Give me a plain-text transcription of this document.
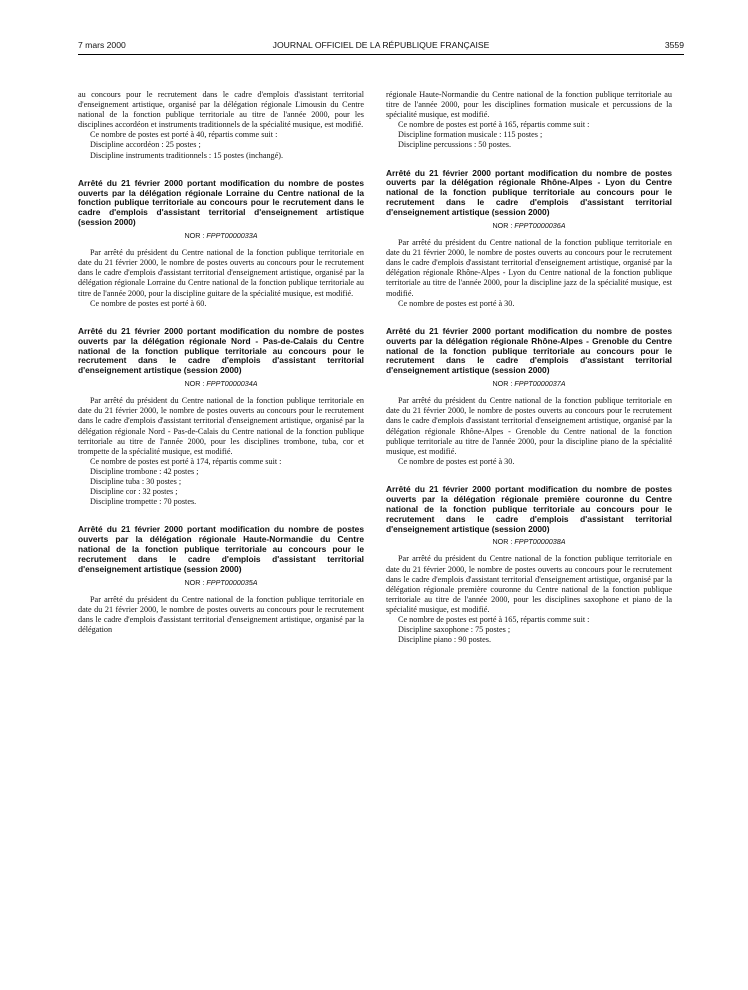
7 mars 2000	JOURNAL OFFICIEL DE LA RÉPUBLIQUE FRANÇAISE	3559

au concours pour le recrutement dans le cadre d'emplois d'assistant territorial d'enseignement artistique, organisé par la délégation régionale Limousin du Centre national de la fonction publique territoriale au titre de l'année 2000, pour les disciplines accordéon et instruments traditionnels de la spécialité musique, est modifié.

Ce nombre de postes est porté à 40, répartis comme suit :

Discipline accordéon : 25 postes ;

Discipline instruments traditionnels : 15 postes (inchangé).

Arrêté du 21 février 2000 portant modification du nombre de postes ouverts par la délégation régionale Lorraine du Centre national de la fonction publique territoriale au concours pour le recrutement dans le cadre d'emplois d'assistant territorial d'enseignement artistique (session 2000)

NOR : FPPT0000033A

Par arrêté du président du Centre national de la fonction publique territoriale en date du 21 février 2000, le nombre de postes ouverts au concours pour le recrutement dans le cadre d'emplois d'assistant territorial d'enseignement artistique, organisé par la délégation régionale Lorraine du Centre national de la fonction publique territoriale au titre de l'année 2000, pour la discipline guitare de la spécialité musique, est modifié.

Ce nombre de postes est porté à 60.

Arrêté du 21 février 2000 portant modification du nombre de postes ouverts par la délégation régionale Nord - Pas-de-Calais du Centre national de la fonction publique territoriale au concours pour le recrutement dans le cadre d'emplois d'assistant territorial d'enseignement artistique (session 2000)

NOR : FPPT0000034A

Par arrêté du président du Centre national de la fonction publique territoriale en date du 21 février 2000, le nombre de postes ouverts au concours pour le recrutement dans le cadre d'emplois d'assistant territorial d'enseignement artistique, organisé par la délégation régionale Nord - Pas-de-Calais du Centre national de la fonction publique territoriale au titre de l'année 2000, pour les disciplines trombone, tuba, cor et trompette de la spécialité musique, est modifié.

Ce nombre de postes est porté à 174, répartis comme suit :

Discipline trombone : 42 postes ;

Discipline tuba : 30 postes ;

Discipline cor : 32 postes ;

Discipline trompette : 70 postes.

Arrêté du 21 février 2000 portant modification du nombre de postes ouverts par la délégation régionale Haute-Normandie du Centre national de la fonction publique territoriale au concours pour le recrutement dans le cadre d'emplois d'assistant territorial d'enseignement artistique (session 2000)

NOR : FPPT0000035A

Par arrêté du président du Centre national de la fonction publique territoriale en date du 21 février 2000, le nombre de postes ouverts au concours pour le recrutement dans le cadre d'emplois d'assistant territorial d'enseignement artistique, organisé par la délégation

régionale Haute-Normandie du Centre national de la fonction publique territoriale au titre de l'année 2000, pour les disciplines formation musicale et percussions de la spécialité musique, est modifié.

Ce nombre de postes est porté à 165, répartis comme suit :

Discipline formation musicale : 115 postes ;

Discipline percussions : 50 postes.

Arrêté du 21 février 2000 portant modification du nombre de postes ouverts par la délégation régionale Rhône-Alpes - Lyon du Centre national de la fonction publique territoriale au concours pour le recrutement dans le cadre d'emplois d'assistant territorial d'enseignement artistique (session 2000)

NOR : FPPT0000036A

Par arrêté du président du Centre national de la fonction publique territoriale en date du 21 février 2000, le nombre de postes ouverts au concours pour le recrutement dans le cadre d'emplois d'assistant territorial d'enseignement artistique, organisé par la délégation régionale Rhône-Alpes - Lyon du Centre national de la fonction publique territoriale au titre de l'année 2000, pour la discipline jazz de la spécialité musique, est modifié.

Ce nombre de postes est porté à 30.

Arrêté du 21 février 2000 portant modification du nombre de postes ouverts par la délégation régionale Rhône-Alpes - Grenoble du Centre national de la fonction publique territoriale au concours pour le recrutement dans le cadre d'emplois d'assistant territorial d'enseignement artistique (session 2000)

NOR : FPPT0000037A

Par arrêté du président du Centre national de la fonction publique territoriale en date du 21 février 2000, le nombre de postes ouverts au concours pour le recrutement dans le cadre d'emplois d'assistant territorial d'enseignement artistique, organisé par la délégation régionale Rhône-Alpes - Grenoble du Centre national de la fonction publique territoriale au titre de l'année 2000, pour la discipline piano de la spécialité musique, est modifié.

Ce nombre de postes est porté à 30.

Arrêté du 21 février 2000 portant modification du nombre de postes ouverts par la délégation régionale première couronne du Centre national de la fonction publique territoriale au concours pour le recrutement dans le cadre d'emplois d'assistant territorial d'enseignement artistique (session 2000)

NOR : FPPT0000038A

Par arrêté du président du Centre national de la fonction publique territoriale en date du 21 février 2000, le nombre de postes ouverts au concours pour le recrutement dans le cadre d'emplois d'assistant territorial d'enseignement artistique, organisé par la délégation régionale première couronne du Centre national de la fonction publique territoriale au titre de l'année 2000, pour les disciplines saxophone et piano de la spécialité musique, est modifié.

Ce nombre de postes est porté à 165, répartis comme suit :

Discipline saxophone : 75 postes ;

Discipline piano : 90 postes.
